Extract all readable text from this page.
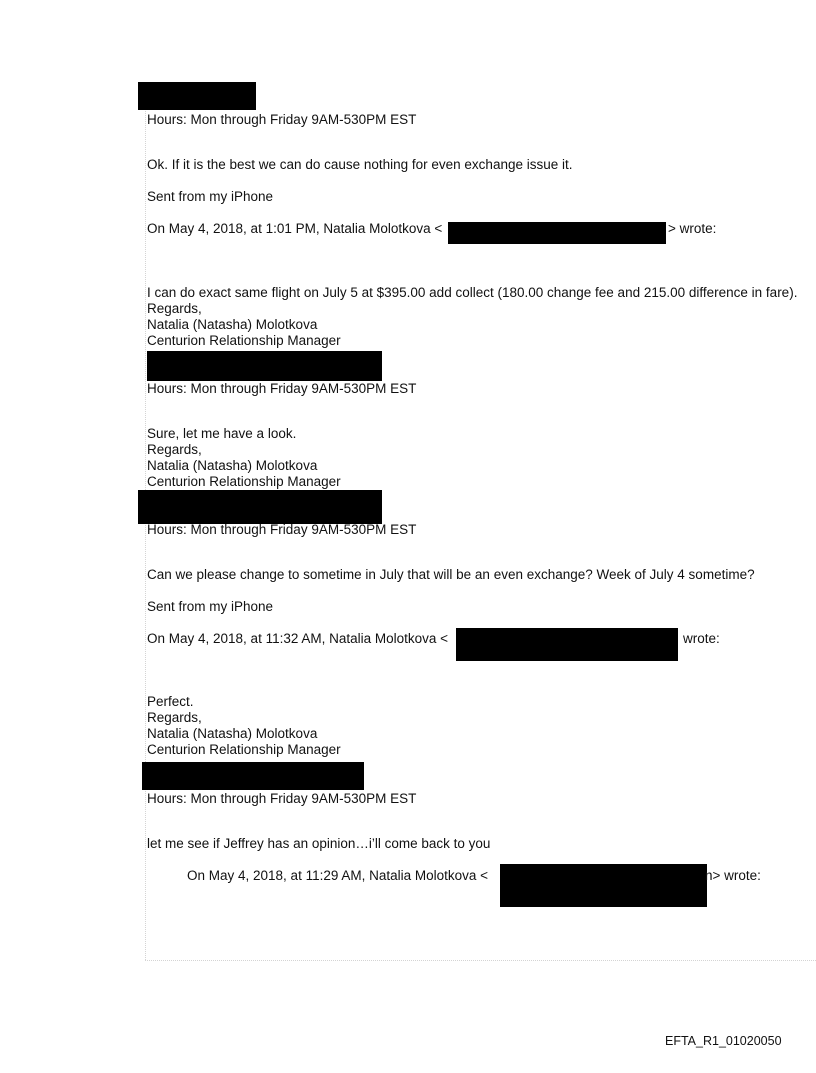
Hours: Mon through Friday 9AM-530PM EST
Ok. If it is the best we can do cause nothing for even exchange issue it.
Sent from my iPhone
On May 4, 2018, at 1:01 PM, Natalia Molotkova <	> wrote:
I can do exact same flight on July 5 at $395.00 add collect (180.00 change fee and 215.00 difference in fare).
Regards,
Natalia (Natasha) Molotkova
Centurion Relationship Manager
Hours: Mon through Friday 9AM-530PM EST
Sure, let me have a look.
Regards,
Natalia (Natasha) Molotkova
Centurion Relationship Manager
Hours: Mon through Friday 9AM-530PM EST
Can we please change to sometime in July that will be an even exchange? Week of July 4 sometime?
Sent from my iPhone
On May 4, 2018, at 11:32 AM, Natalia Molotkova <	wrote:
Perfect.
Regards,
Natalia (Natasha) Molotkova
Centurion Relationship Manager
Hours: Mon through Friday 9AM-530PM EST
let me see if Jeffrey has an opinion…i’ll come back to you
On May 4, 2018, at 11:29 AM, Natalia Molotkova <	n> wrote:
EFTA_R1_01020050
